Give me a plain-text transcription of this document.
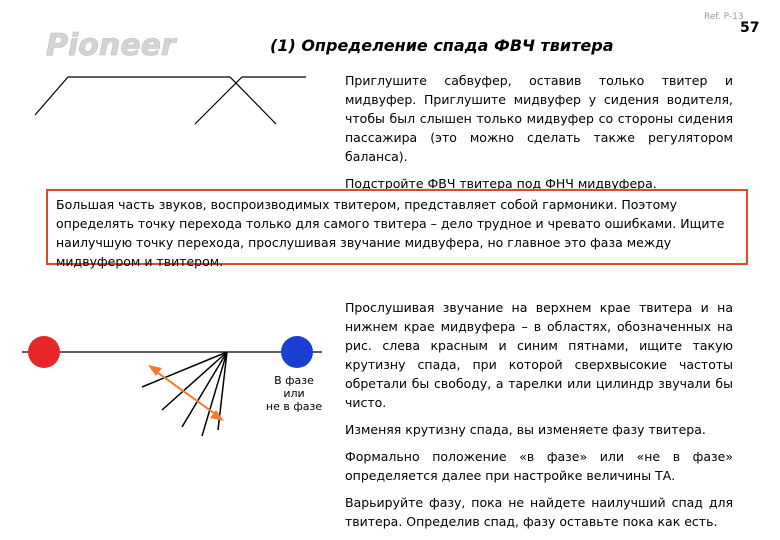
Ref. P-13
57
Pioneer	(1) Определение спада ФВЧ твитера

Приглушите сабвуфер, оставив только твитер и мидвуфер. Приглушите мидвуфер у сидения водителя, чтобы был слышен только мидвуфер со стороны сидения пассажира (это можно сделать также регулятором баланса).

Подстройте ФВЧ твитера под ФНЧ мидвуфера.

Большая часть звуков, воспроизводимых твитером, представляет собой гармоники. Поэтому определять точку перехода только для самого твитера – дело трудное и чревато ошибками. Ищите наилучшую точку перехода, прослушивая звучание мидвуфера, но главное это фаза между мидвуфером и твитером.

В фазе
или
не в фазе

Прослушивая звучание на верхнем крае твитера и на нижнем крае мидвуфера – в областях, обозначенных на рис. слева красным и синим пятнами, ищите такую крутизну спада, при которой сверхвысокие частоты обретали бы свободу, а тарелки или цилиндр звучали бы чисто.

Изменяя крутизну спада, вы изменяете фазу твитера.

Формально положение «в фазе» или «не в фазе» определяется далее при настройке величины ТА.

Варьируйте фазу, пока не найдете наилучший спад для твитера. Определив спад, фазу оставьте пока как есть.
